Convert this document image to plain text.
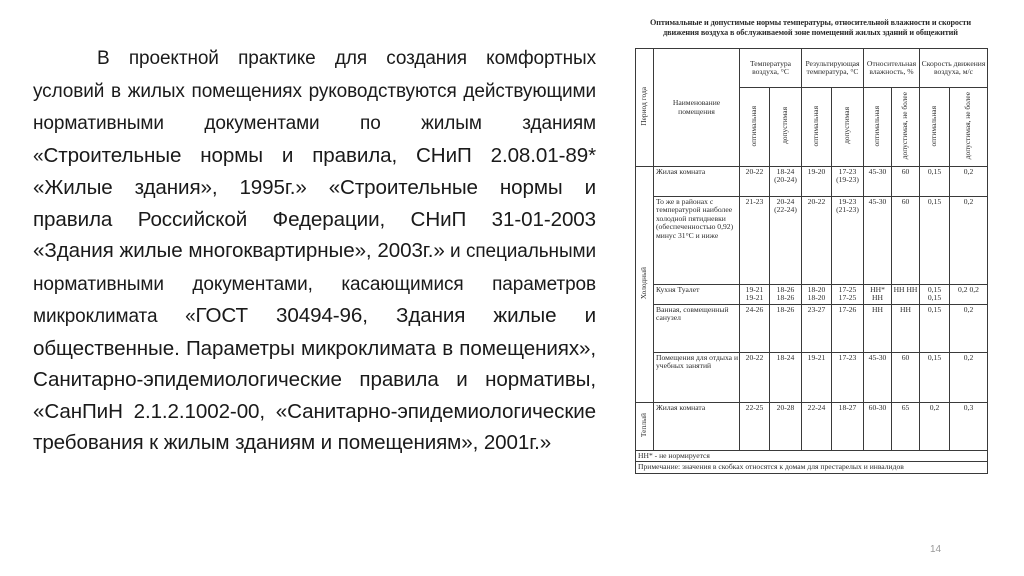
В проектной практике для создания комфортных условий в жилых помещениях руководствуются действующими нормативными документами по жилым зданиям «Строительные нормы и правила, СНиП 2.08.01-89* «Жилые здания», 1995г.» «Строительные нормы и правила Российской Федерации, СНиП 31-01-2003 «Здания жилые многоквартирные», 2003г.» и специальными нормативными документами, касающимися параметров микроклимата «ГОСТ 30494-96, Здания жилые и общественные. Параметры микроклимата в помещениях», Санитарно-эпидемиологические правила и нормативы, «СанПиН 2.1.2.1002-00, «Санитарно-эпидемиологические требования к жилым зданиям и помещениям», 2001г.»
Оптимальные и допустимые нормы температуры, относительной влажности и скорости движения воздуха в обслуживаемой зоне помещений жилых зданий и общежитий
Период года	Наименование помещения	Температура воздуха, °С		Результирующая температура, °С		Относительная влажность, %		Скорость движения воздуха, м/с	
		оптимальная	допустимая	оптимальная	допустимая	оптимальная	допустимая, не более	оптимальная	допустимая, не более
Холодный	Жилая комната	20-22	18-24 (20-24)	19-20	17-23 (19-23)	45-30	60	0,15	0,2
	То же в районах с температурой наиболее холодной пятидневки (обеспеченностью 0,92) минус 31°С и ниже	21-23	20-24 (22-24)	20-22	19-23 (21-23)	45-30	60	0,15	0,2
	Кухня Туалет	19-21 19-21	18-26 18-26	18-20 18-20	17-25 17-25	НН* НН	НН НН	0,15 0,15	0,2 0,2
	Ванная, совмещенный санузел	24-26	18-26	23-27	17-26	НН	НН	0,15	0,2
	Помещения для отдыха и учебных занятий	20-22	18-24	19-21	17-23	45-30	60	0,15	0,2
Теплый	Жилая комната	22-25	20-28	22-24	18-27	60-30	65	0,2	0,3
НН* - не нормируется									
Примечание: значения в скобках относятся к домам для престарелых и инвалидов									
14
